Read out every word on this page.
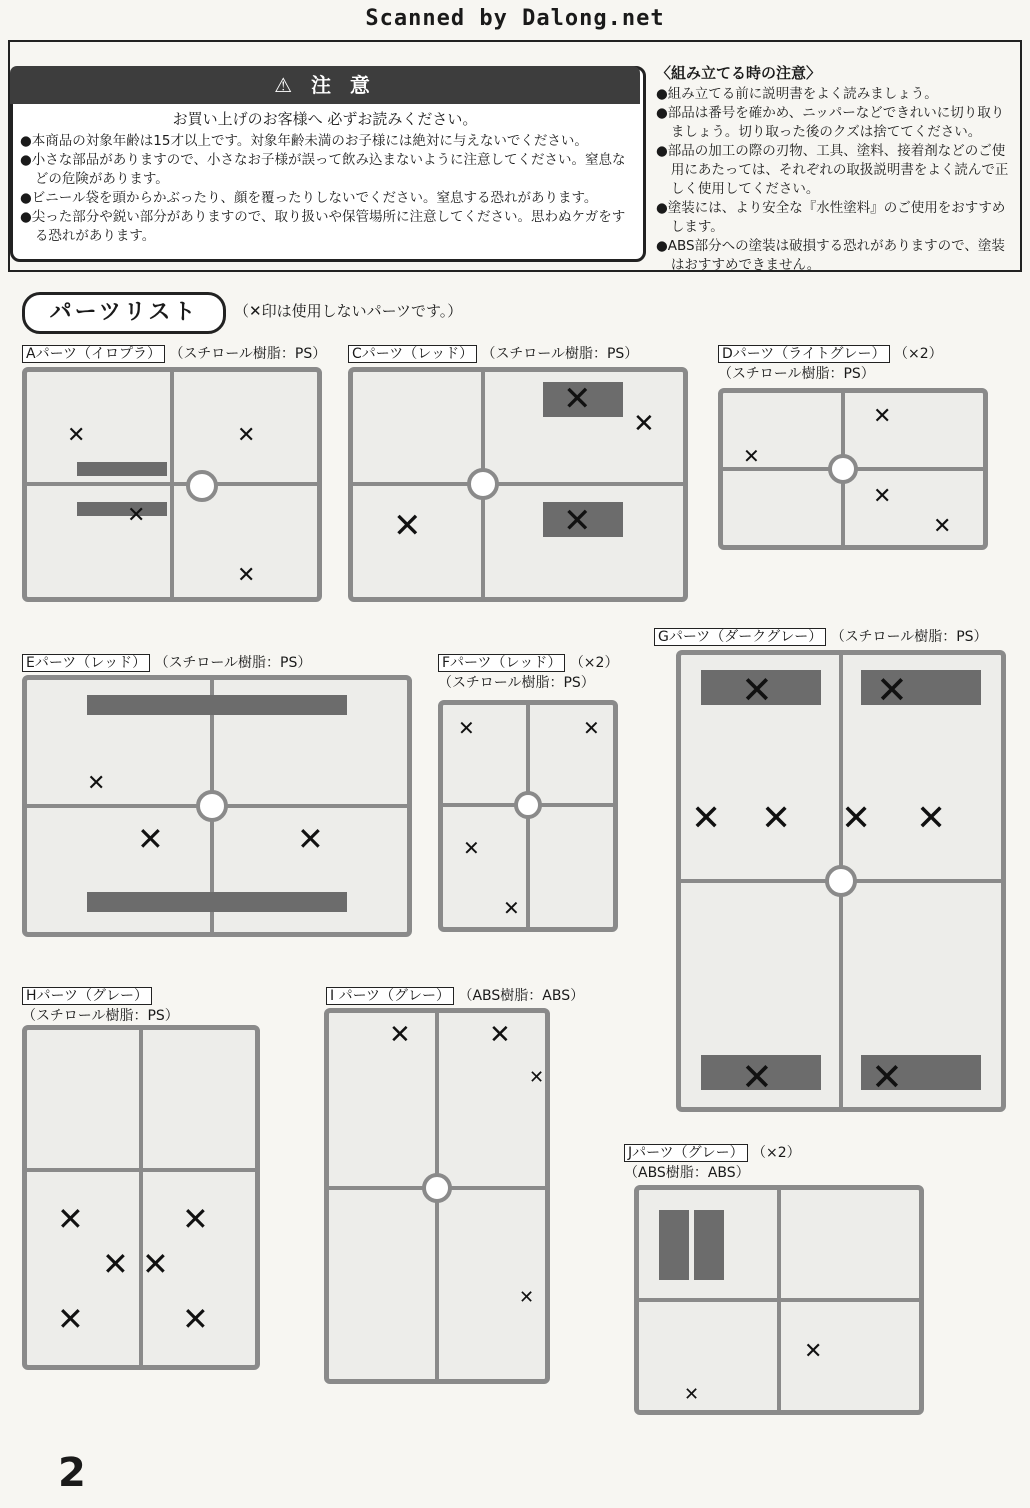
Scanned by Dalong.net
⚠ 注 意
お買い上げのお客様へ 必ずお読みください。
●本商品の対象年齢は15才以上です。対象年齢未満のお子様には絶対に与えないでください。
●小さな部品がありますので、小さなお子様が誤って飲み込まないように注意してください。窒息などの危険があります。
●ビニール袋を頭からかぶったり、顔を覆ったりしないでください。窒息する恐れがあります。
●尖った部分や鋭い部分がありますので、取り扱いや保管場所に注意してください。思わぬケガをする恐れがあります。
〈組み立てる時の注意〉
●組み立てる前に説明書をよく読みましょう。
●部品は番号を確かめ、ニッパーなどできれいに切り取りましょう。切り取った後のクズは捨ててください。
●部品の加工の際の刃物、工具、塗料、接着剤などのご使用にあたっては、それぞれの取扱説明書をよく読んで正しく使用してください。
●塗装には、より安全な『水性塗料』のご使用をおすすめします。
●ABS部分への塗装は破損する恐れがありますので、塗装はおすすめできません。
パーツリスト	（✕印は使用しないパーツです。）
Aパーツ（イロプラ） （スチロール樹脂：PS） Cパーツ（レッド） （スチロール樹脂：PS）	Dパーツ（ライトグレー） （×2）
（スチロール樹脂：PS）
Eパーツ（レッド） （スチロール樹脂：PS）	Fパーツ（レッド） （×2）
（スチロール樹脂：PS）
Gパーツ（ダークグレー） （スチロール樹脂：PS）
Hパーツ（グレー）
（スチロール樹脂：PS）
I パーツ（グレー） （ABS樹脂：ABS）
Jパーツ（グレー） （×2）
（ABS樹脂：ABS）
✕
✕
✕
✕
✕
✕	✕
✕	✕
✕
✕
✕
✕	✕
✕
✕	✕
✕
✕
✕	✕
✕	✕
✕ ✕ ✕ ✕
✕
✕ ✕
✕
✕	✕
✕	✕
✕
✕
✕
✕
2
